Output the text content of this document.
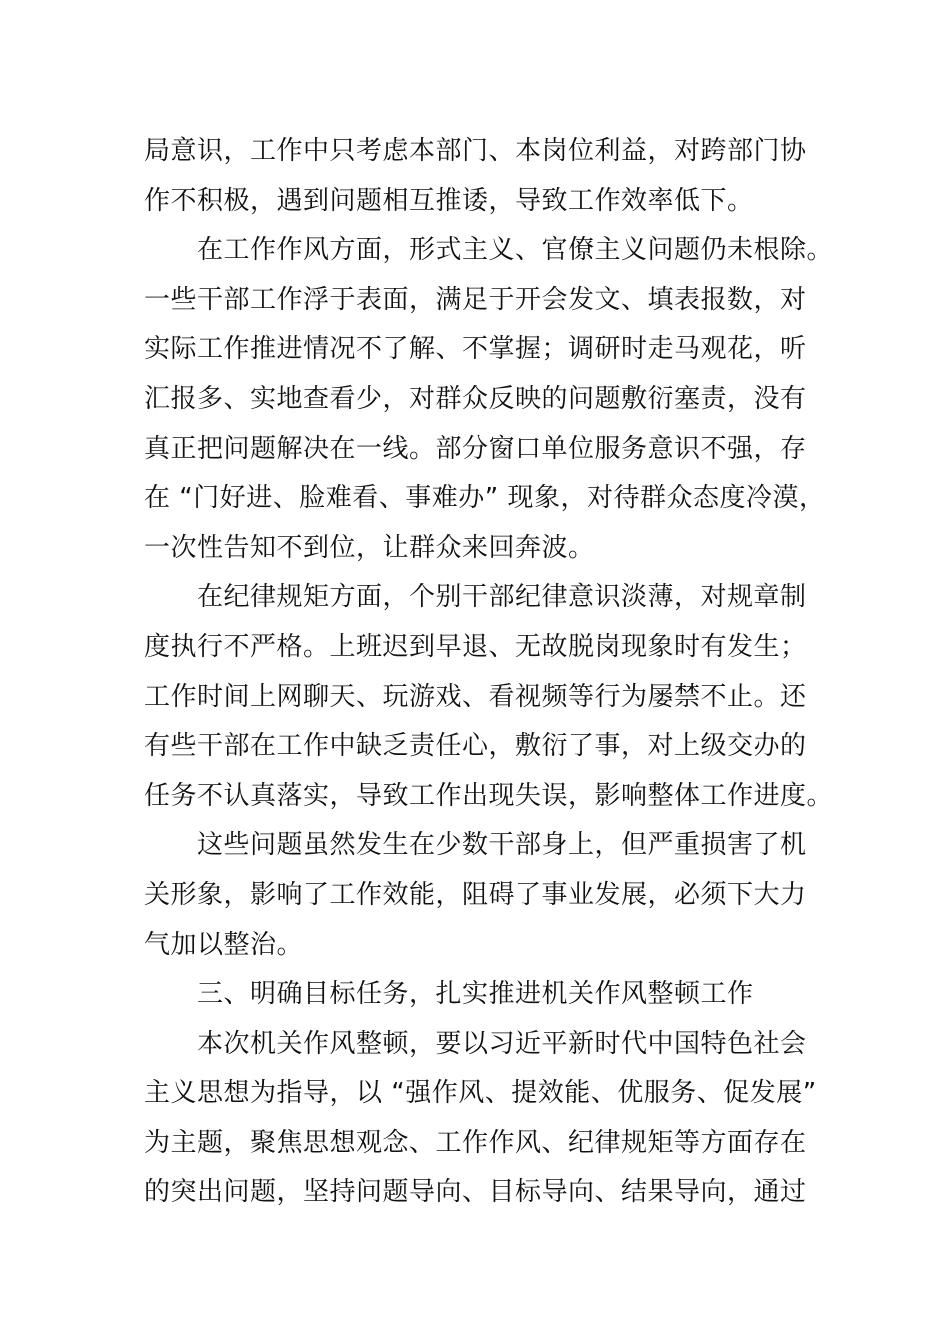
局意识，工作中只考虑本部门、本岗位利益，对跨部门协
作不积极，遇到问题相互推诿，导致工作效率低下。
　　在工作作风方面，形式主义、官僚主义问题仍未根除。
一些干部工作浮于表面，满足于开会发文、填表报数，对
实际工作推进情况不了解、不掌握；调研时走马观花，听
汇报多、实地查看少，对群众反映的问题敷衍塞责，没有
真正把问题解决在一线。部分窗口单位服务意识不强，存
在 “门好进、脸难看、事难办” 现象，对待群众态度冷漠，
一次性告知不到位，让群众来回奔波。
　　在纪律规矩方面，个别干部纪律意识淡薄，对规章制
度执行不严格。上班迟到早退、无故脱岗现象时有发生；
工作时间上网聊天、玩游戏、看视频等行为屡禁不止。还
有些干部在工作中缺乏责任心，敷衍了事，对上级交办的
任务不认真落实，导致工作出现失误，影响整体工作进度。
　　这些问题虽然发生在少数干部身上，但严重损害了机
关形象，影响了工作效能，阻碍了事业发展，必须下大力
气加以整治。
　　三、明确目标任务，扎实推进机关作风整顿工作
　　本次机关作风整顿，要以习近平新时代中国特色社会
主义思想为指导，以 “强作风、提效能、优服务、促发展”
为主题，聚焦思想观念、工作作风、纪律规矩等方面存在
的突出问题，坚持问题导向、目标导向、结果导向，通过
